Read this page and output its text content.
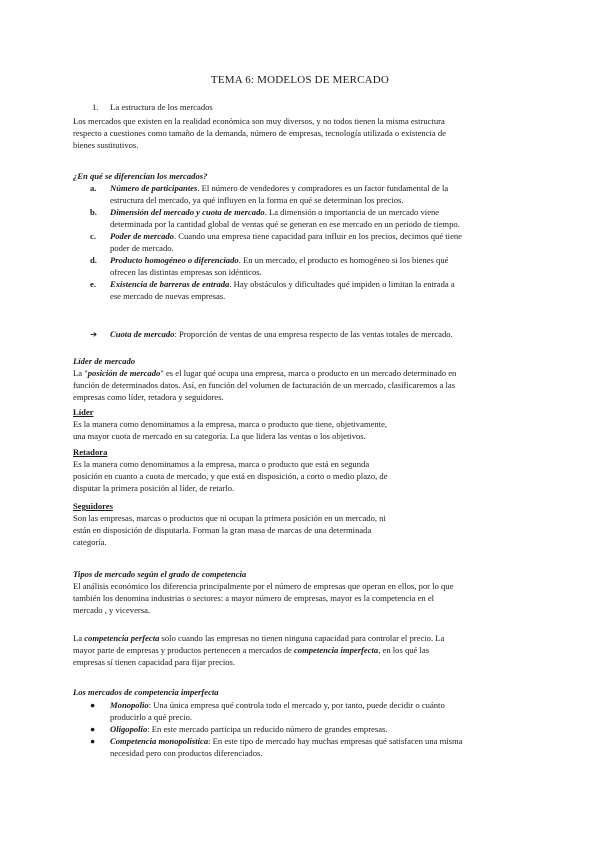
TEMA 6: MODELOS DE MERCADO
1. La estructura de los mercados

Los mercados que existen en la realidad económica son muy diversos, y no todos tienen la misma estructura

respecto a cuestiones como tamaño de la demanda, número de empresas, tecnología utilizada o existencia de

bienes sustitutivos.

¿En qué se diferencian los mercados?
a. Número de participantes. El número de vendedores y compradores es un factor fundamental de la
estructura del mercado, ya qué influyen en la forma en qué se determinan los precios.
b. Dimensión del mercado y cuota de mercado. La dimensión o importancia de un mercado viene
determinada por la cantidad global de ventas qué se generan en ese mercado en un periodo de tiempo.
c. Poder de mercado. Cuando una empresa tiene capacidad para influir en los precios, decimos qué tiene
poder de mercado.
d. Producto homogéneo o diferenciado. En un mercado, el producto es homogéneo si los bienes qué
ofrecen las distintas empresas son idénticos.
e. Existencia de barreras de entrada. Hay obstáculos y dificultades qué impiden o limitan la entrada a
ese mercado de nuevas empresas.
➔ Cuota de mercado: Proporción de ventas de una empresa respecto de las ventas totales de mercado.
Líder de mercado

La "posición de mercado" es el lugar qué ocupa una empresa, marca o producto en un mercado determinado en

función de determinados datos. Así, en función del volumen de facturación de un mercado, clasificaremos a las

empresas como líder, retadora y seguidores.

Líder

Es la manera como denominamos a la empresa, marca o producto que tiene, objetivamente,

una mayor cuota de mercado en su categoría. La que lidera las ventas o los objetivos.

Retadora

Es la manera como denominamos a la empresa, marca o producto que está en segunda

posición en cuanto a cuota de mercado, y que está en disposición, a corto o medio plazo, de

disputar la primera posición al líder, de retarlo.

Seguidores

Son las empresas, marcas o productos que ni ocupan la primera posición en un mercado, ni

están en disposición de disputarla. Forman la gran masa de marcas de una determinada

categoría.

Tipos de mercado según el grado de competencia

El análisis económico los diferencia principalmente por el número de empresas que operan en ellos, por lo que

también los denomina industrias o sectores: a mayor número de empresas, mayor es la competencia en el

mercado , y viceversa.

La competencia perfecta solo cuando las empresas no tienen ninguna capacidad para controlar el precio. La

mayor parte de empresas y productos pertenecen a mercados de competencia imperfecta, en los qué las

empresas sí tienen capacidad para fijar precios.

Los mercados de competencia imperfecta
● Monopolio: Una única empresa qué controla todo el mercado y, por tanto, puede decidir o cuánto
producirlo a qué precio.
● Oligopolio: En este mercado participa un reducido número de grandes empresas.
● Competencia monopolística: En este tipo de mercado hay muchas empresas qué satisfacen una misma
necesidad pero con productos diferenciados.
